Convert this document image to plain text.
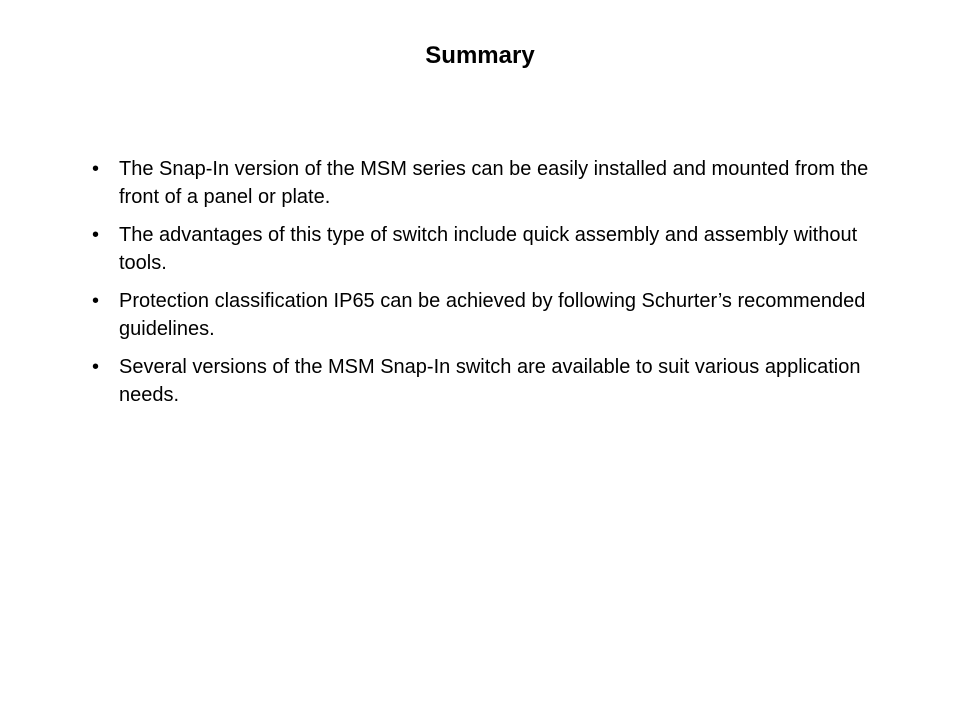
Summary
• The Snap-In version of the MSM series can be easily installed and mounted from the front of a panel or plate.
• The advantages of this type of switch include quick assembly and assembly without tools.
• Protection classification IP65 can be achieved by following Schurter’s recommended guidelines.
• Several versions of the MSM Snap-In switch are available to suit various application needs.
